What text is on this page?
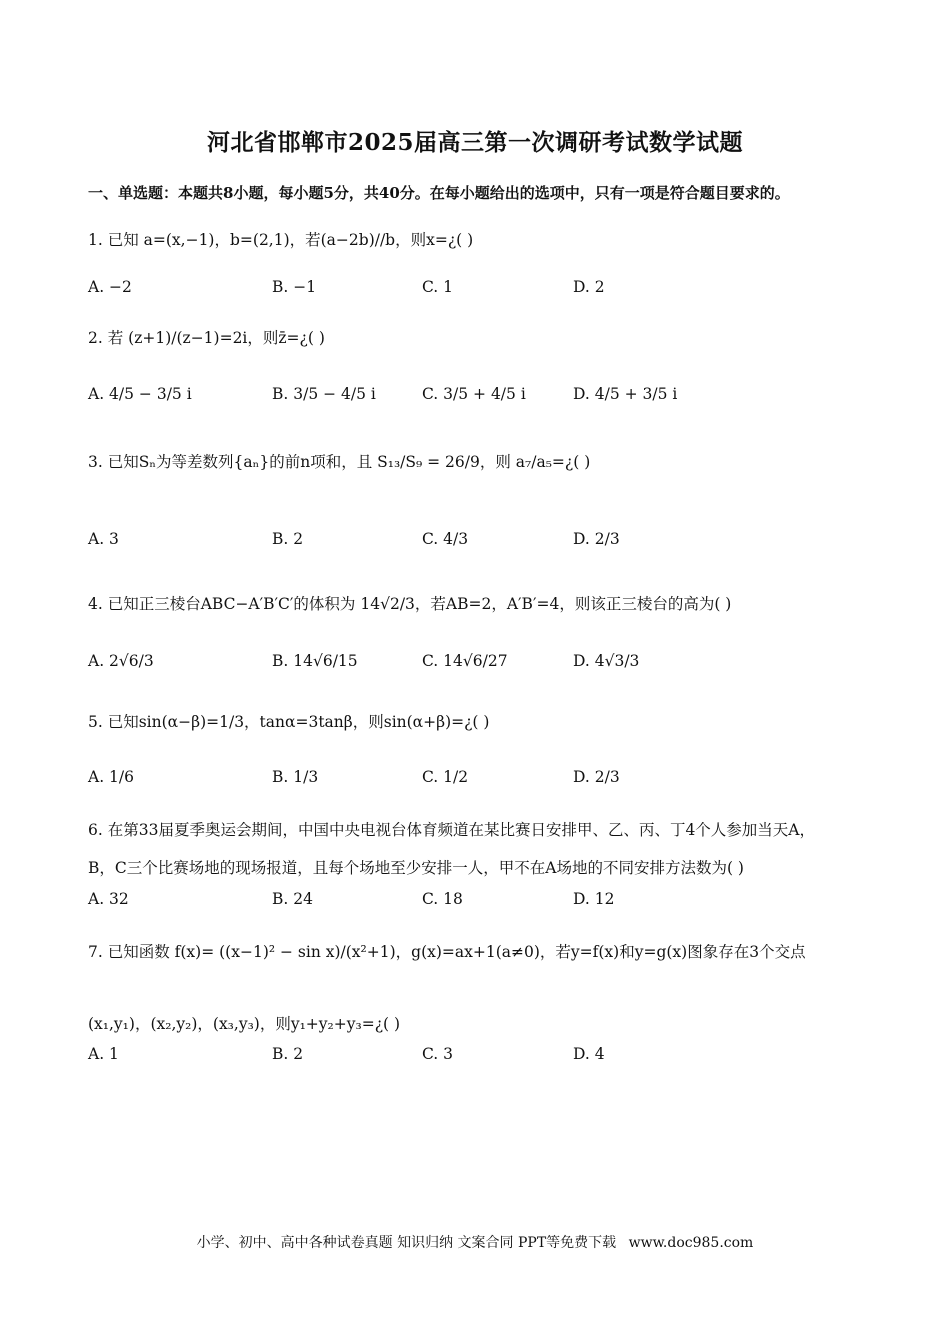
河北省邯郸市2025届高三第一次调研考试数学试题
一、单选题：本题共8小题，每小题5分，共40分。在每小题给出的选项中，只有一项是符合题目要求的。
1. 已知 a=(x,−1)，b=(2,1)，若(a−2b)//b，则x=¿( )
A. −2	B. −1	C. 1	D. 2
2. 若 (z+1)/(z−1)=2i，则z̄=¿( )
A. 4/5 − 3/5 i	B. 3/5 − 4/5 i	C. 3/5 + 4/5 i	D. 4/5 + 3/5 i
3. 已知Sₙ为等差数列{aₙ}的前n项和，且 S₁₃/S₉ = 26/9，则 a₇/a₅=¿( )
A. 3	B. 2	C. 4/3	D. 2/3
4. 已知正三棱台ABC−A′B′C′的体积为 14√2/3，若AB=2，A′B′=4，则该正三棱台的高为( )
A. 2√6/3	B. 14√6/15	C. 14√6/27	D. 4√3/3
5. 已知sin(α−β)=1/3，tanα=3tanβ，则sin(α+β)=¿( )
A. 1/6	B. 1/3	C. 1/2	D. 2/3
6. 在第33届夏季奥运会期间，中国中央电视台体育频道在某比赛日安排甲、乙、丙、丁4个人参加当天A，
B，C三个比赛场地的现场报道，且每个场地至少安排一人，甲不在A场地的不同安排方法数为( )
A. 32	B. 24	C. 18	D. 12
7. 已知函数 f(x)= ((x−1)² − sin x)/(x²+1)，g(x)=ax+1(a≠0)，若y=f(x)和y=g(x)图象存在3个交点
(x₁,y₁)，(x₂,y₂)，(x₃,y₃)，则y₁+y₂+y₃=¿( )
A. 1	B. 2	C. 3	D. 4
小学、初中、高中各种试卷真题 知识归纳 文案合同 PPT等免费下载 www.doc985.com
